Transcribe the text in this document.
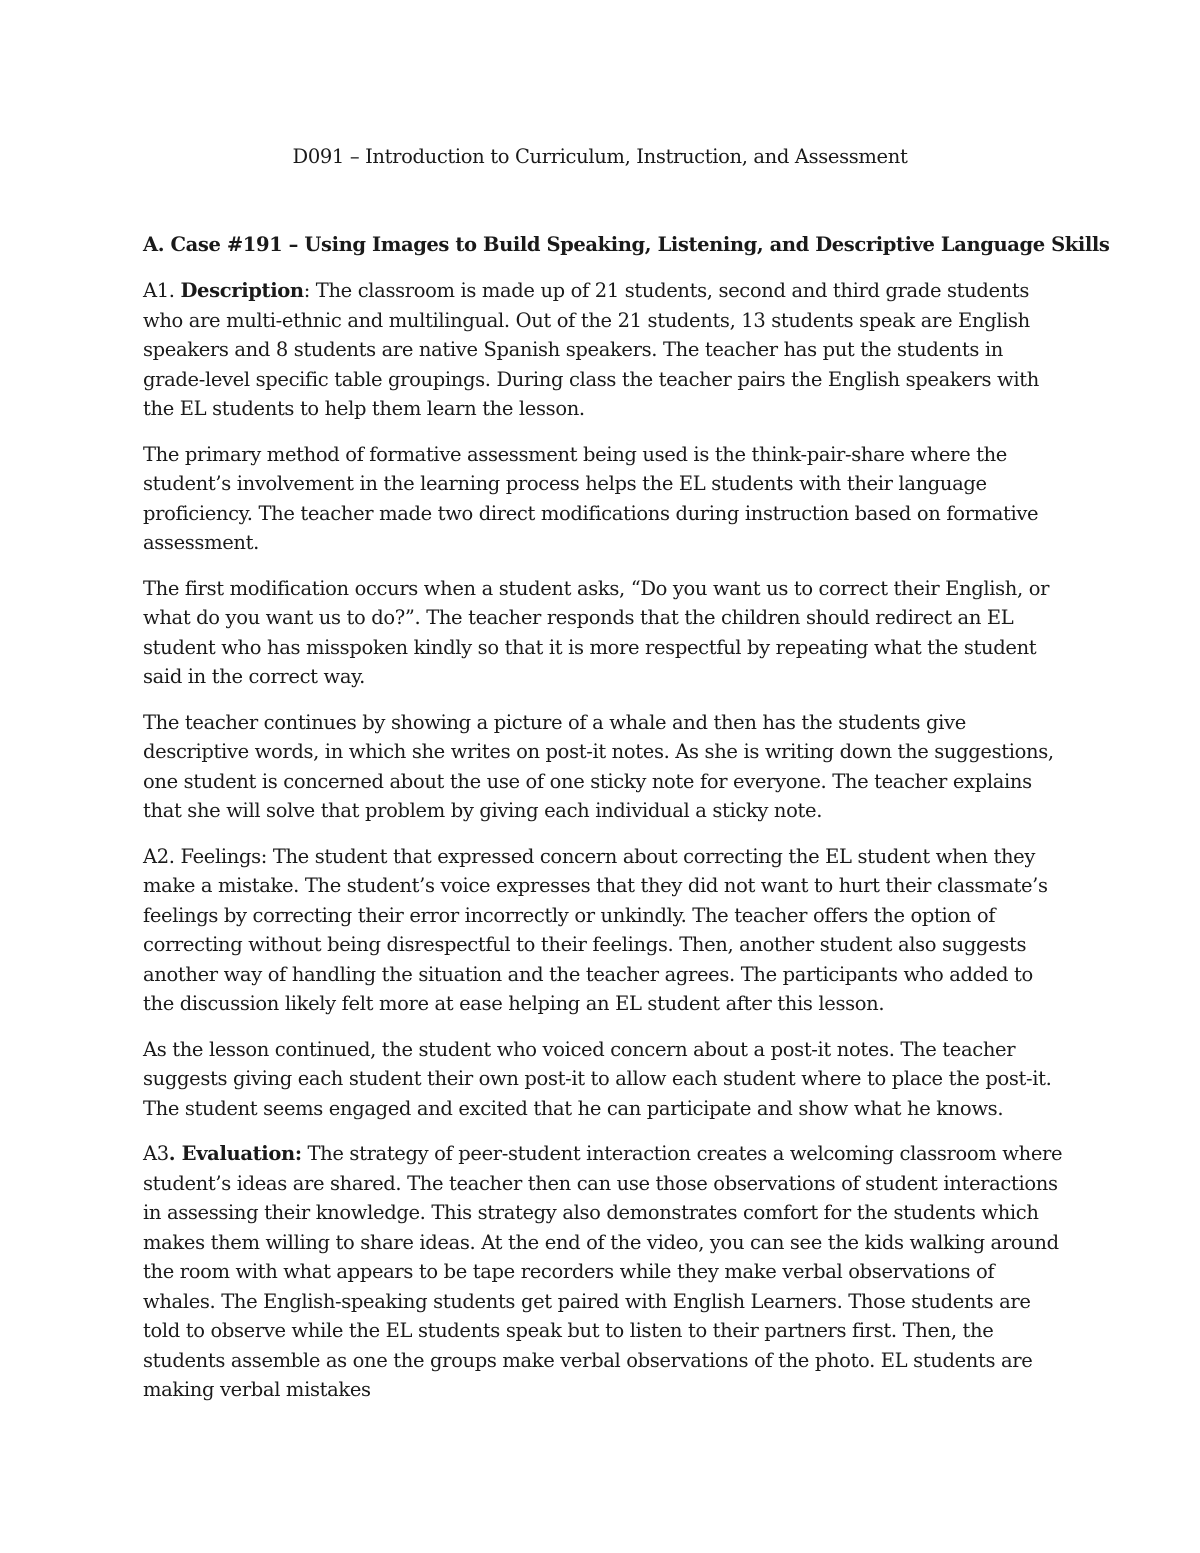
D091 – Introduction to Curriculum, Instruction, and Assessment
A. Case #191 – Using Images to Build Speaking, Listening, and Descriptive Language Skills

A1. Description: The classroom is made up of 21 students, second and third grade students who are multi-ethnic and multilingual. Out of the 21 students, 13 students speak are English speakers and 8 students are native Spanish speakers. The teacher has put the students in grade-level specific table groupings. During class the teacher pairs the English speakers with the EL students to help them learn the lesson.

The primary method of formative assessment being used is the think-pair-share where the student’s involvement in the learning process helps the EL students with their language proficiency. The teacher made two direct modifications during instruction based on formative assessment.

The first modification occurs when a student asks, “Do you want us to correct their English, or what do you want us to do?”. The teacher responds that the children should redirect an EL student who has misspoken kindly so that it is more respectful by repeating what the student said in the correct way.

The teacher continues by showing a picture of a whale and then has the students give descriptive words, in which she writes on post-it notes. As she is writing down the suggestions, one student is concerned about the use of one sticky note for everyone. The teacher explains that she will solve that problem by giving each individual a sticky note.

A2. Feelings: The student that expressed concern about correcting the EL student when they make a mistake. The student’s voice expresses that they did not want to hurt their classmate’s feelings by correcting their error incorrectly or unkindly. The teacher offers the option of correcting without being disrespectful to their feelings. Then, another student also suggests another way of handling the situation and the teacher agrees. The participants who added to the discussion likely felt more at ease helping an EL student after this lesson.

As the lesson continued, the student who voiced concern about a post-it notes. The teacher suggests giving each student their own post-it to allow each student where to place the post-it. The student seems engaged and excited that he can participate and show what he knows.

A3. Evaluation: The strategy of peer-student interaction creates a welcoming classroom where student’s ideas are shared. The teacher then can use those observations of student interactions in assessing their knowledge. This strategy also demonstrates comfort for the students which makes them willing to share ideas. At the end of the video, you can see the kids walking around the room with what appears to be tape recorders while they make verbal observations of whales. The English-speaking students get paired with English Learners. Those students are told to observe while the EL students speak but to listen to their partners first. Then, the students assemble as one the groups make verbal observations of the photo. EL students are making verbal mistakes
